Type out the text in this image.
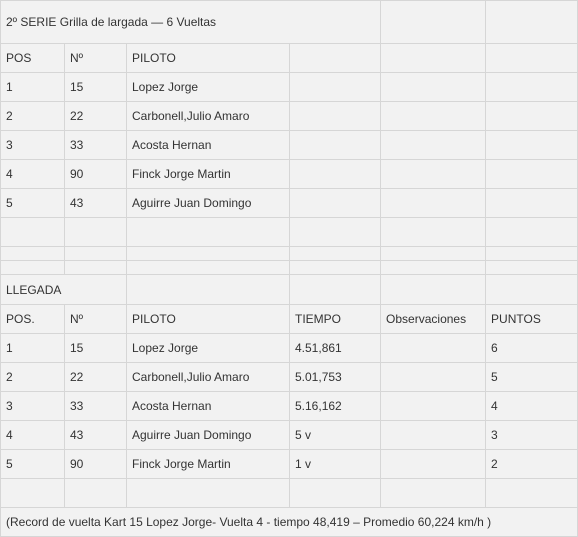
2º SERIE Grilla de largada — 6 Vueltas					
POS	Nº	PILOTO			
1	15	Lopez Jorge			
2	22	Carbonell,Julio Amaro			
3	33	Acosta Hernan			
4	90	Finck Jorge Martin			
5	43	Aguirre Juan Domingo			

LLEGADA					
POS.	Nº	PILOTO	TIEMPO	Observaciones	PUNTOS
1	15	Lopez Jorge	4.51,861		6
2	22	Carbonell,Julio Amaro	5.01,753		5
3	33	Acosta Hernan	5.16,162		4
4	43	Aguirre Juan Domingo	5 v		3
5	90	Finck Jorge Martin	1 v		2

(Record de vuelta Kart 15 Lopez Jorge- Vuelta 4 - tiempo 48,419 – Promedio 60,224 km/h )					
